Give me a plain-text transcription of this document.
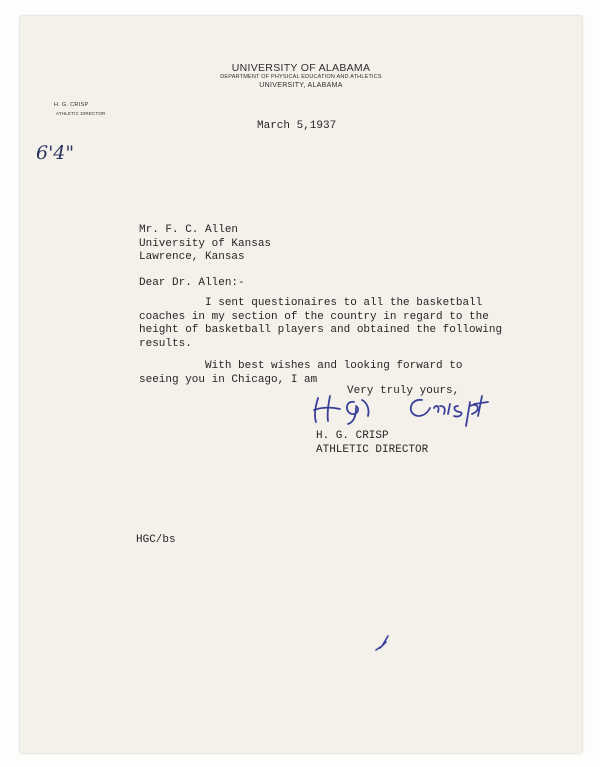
UNIVERSITY OF ALABAMA
DEPARTMENT OF PHYSICAL EDUCATION AND ATHLETICS
UNIVERSITY, ALABAMA
H. G. CRISP
ATHLETIC DIRECTOR
6'4"
March 5,1937
Mr. F. C. Allen
University of Kansas
Lawrence, Kansas
Dear Dr. Allen:-
I sent questionaires to all the basketball
coaches in my section of the country in regard to the
height of basketball players and obtained the following
results.
With best wishes and looking forward to
seeing you in Chicago, I am
Very truly yours,
H. G. CRISP
ATHLETIC DIRECTOR
HGC/bs
